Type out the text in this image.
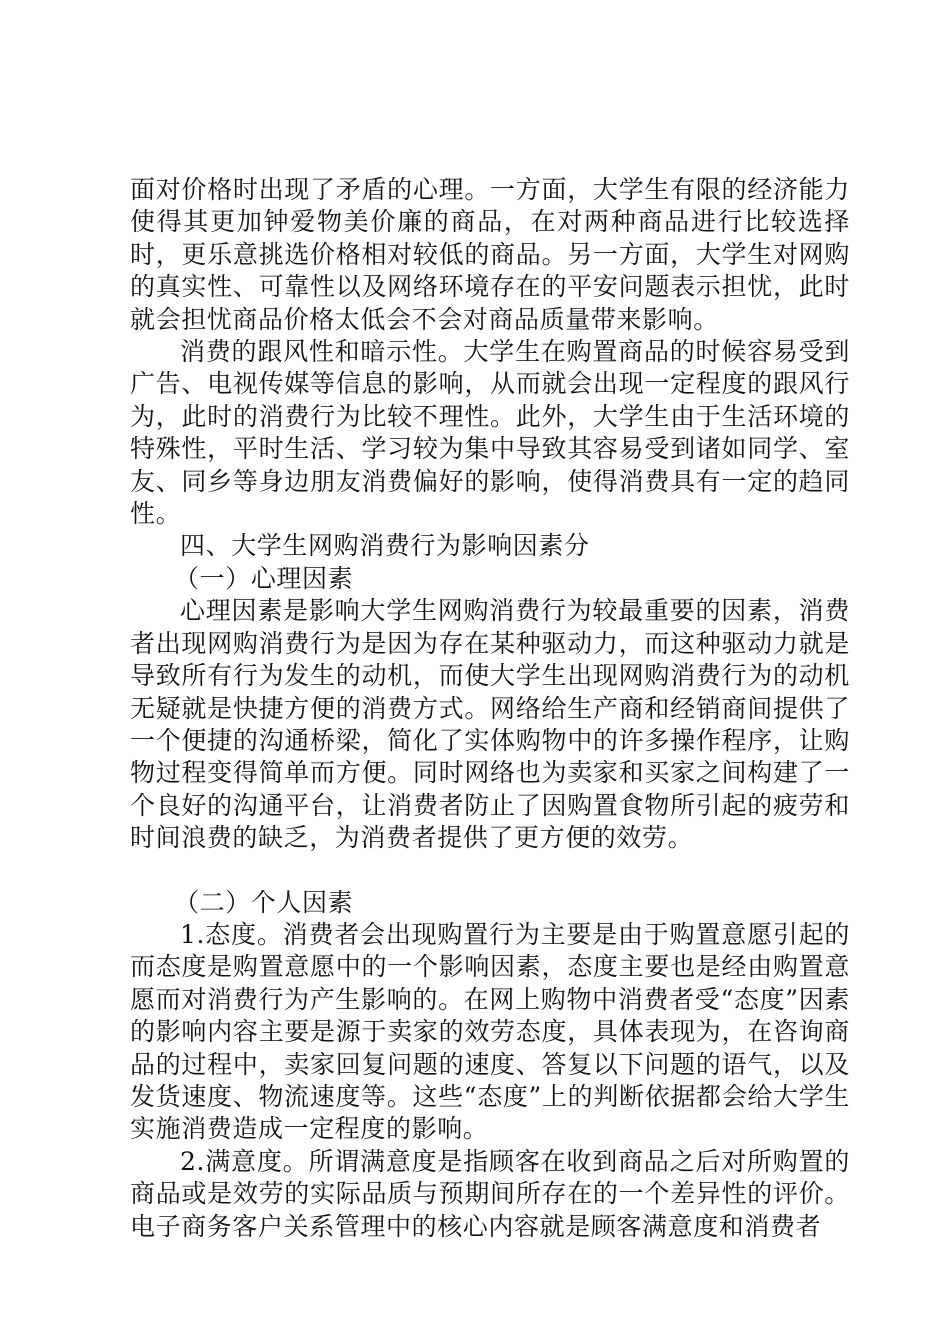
面对价格时出现了矛盾的心理。一方面，大学生有限的经济能力使得其更加钟爱物美价廉的商品，在对两种商品进行比较选择时，更乐意挑选价格相对较低的商品。另一方面，大学生对网购的真实性、可靠性以及网络环境存在的平安问题表示担忧，此时就会担忧商品价格太低会不会对商品质量带来影响。

消费的跟风性和暗示性。大学生在购置商品的时候容易受到广告、电视传媒等信息的影响，从而就会出现一定程度的跟风行为，此时的消费行为比较不理性。此外，大学生由于生活环境的特殊性，平时生活、学习较为集中导致其容易受到诸如同学、室友、同乡等身边朋友消费偏好的影响，使得消费具有一定的趋同性。

四、大学生网购消费行为影响因素分

（一）心理因素

心理因素是影响大学生网购消费行为较最重要的因素，消费者出现网购消费行为是因为存在某种驱动力，而这种驱动力就是导致所有行为发生的动机，而使大学生出现网购消费行为的动机无疑就是快捷方便的消费方式。网络给生产商和经销商间提供了一个便捷的沟通桥梁，简化了实体购物中的许多操作程序，让购物过程变得简单而方便。同时网络也为卖家和买家之间构建了一个良好的沟通平台，让消费者防止了因购置食物所引起的疲劳和时间浪费的缺乏，为消费者提供了更方便的效劳。

（二）个人因素

1.态度。消费者会出现购置行为主要是由于购置意愿引起的而态度是购置意愿中的一个影响因素，态度主要也是经由购置意愿而对消费行为产生影响的。在网上购物中消费者受“态度”因素的影响内容主要是源于卖家的效劳态度，具体表现为，在咨询商品的过程中，卖家回复问题的速度、答复以下问题的语气，以及发货速度、物流速度等。这些“态度”上的判断依据都会给大学生实施消费造成一定程度的影响。

2.满意度。所谓满意度是指顾客在收到商品之后对所购置的商品或是效劳的实际品质与预期间所存在的一个差异性的评价。电子商务客户关系管理中的核心内容就是顾客满意度和消费者
